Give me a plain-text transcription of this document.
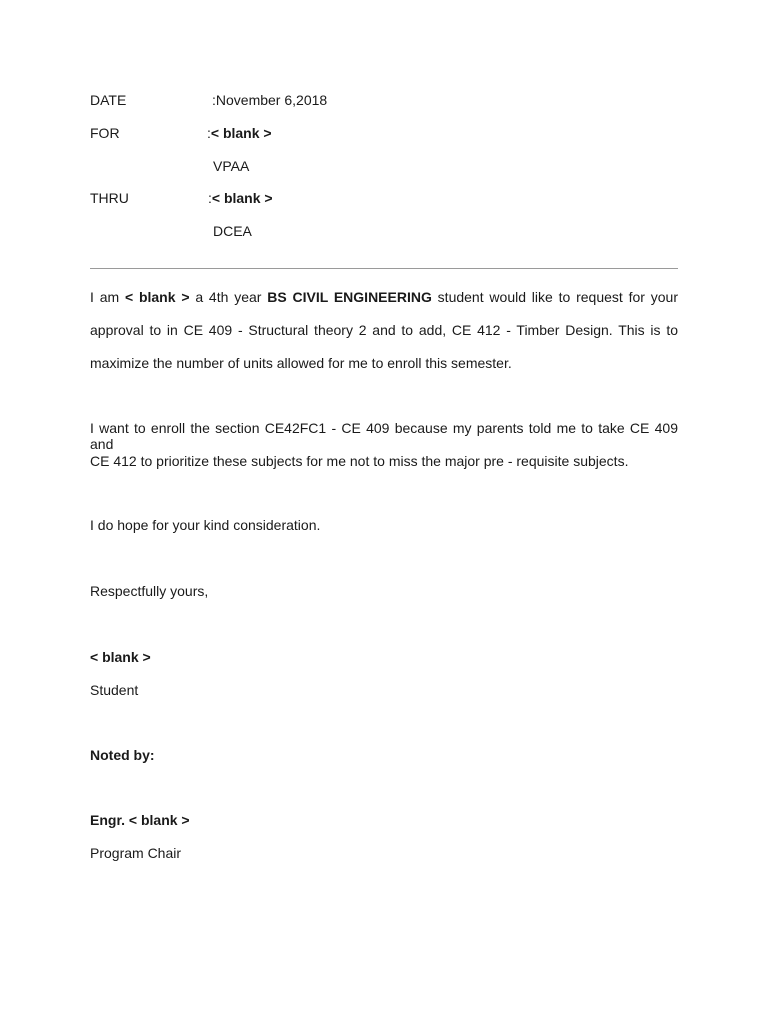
DATE	:November 6,2018
FOR	:< blank >
VPAA
THRU	:< blank >
DCEA
I am < blank > a 4th year BS CIVIL ENGINEERING student would like to request for your
approval to in CE 409 - Structural theory 2 and to add, CE 412 - Timber Design. This is to
maximize the number of units allowed for me to enroll this semester.
I want to enroll the section CE42FC1 - CE 409 because my parents told me to take CE 409 and
CE 412 to prioritize these subjects for me not to miss the major pre - requisite subjects.
I do hope for your kind consideration.
Respectfully yours,
< blank >
Student
Noted by:
Engr. < blank >
Program Chair
